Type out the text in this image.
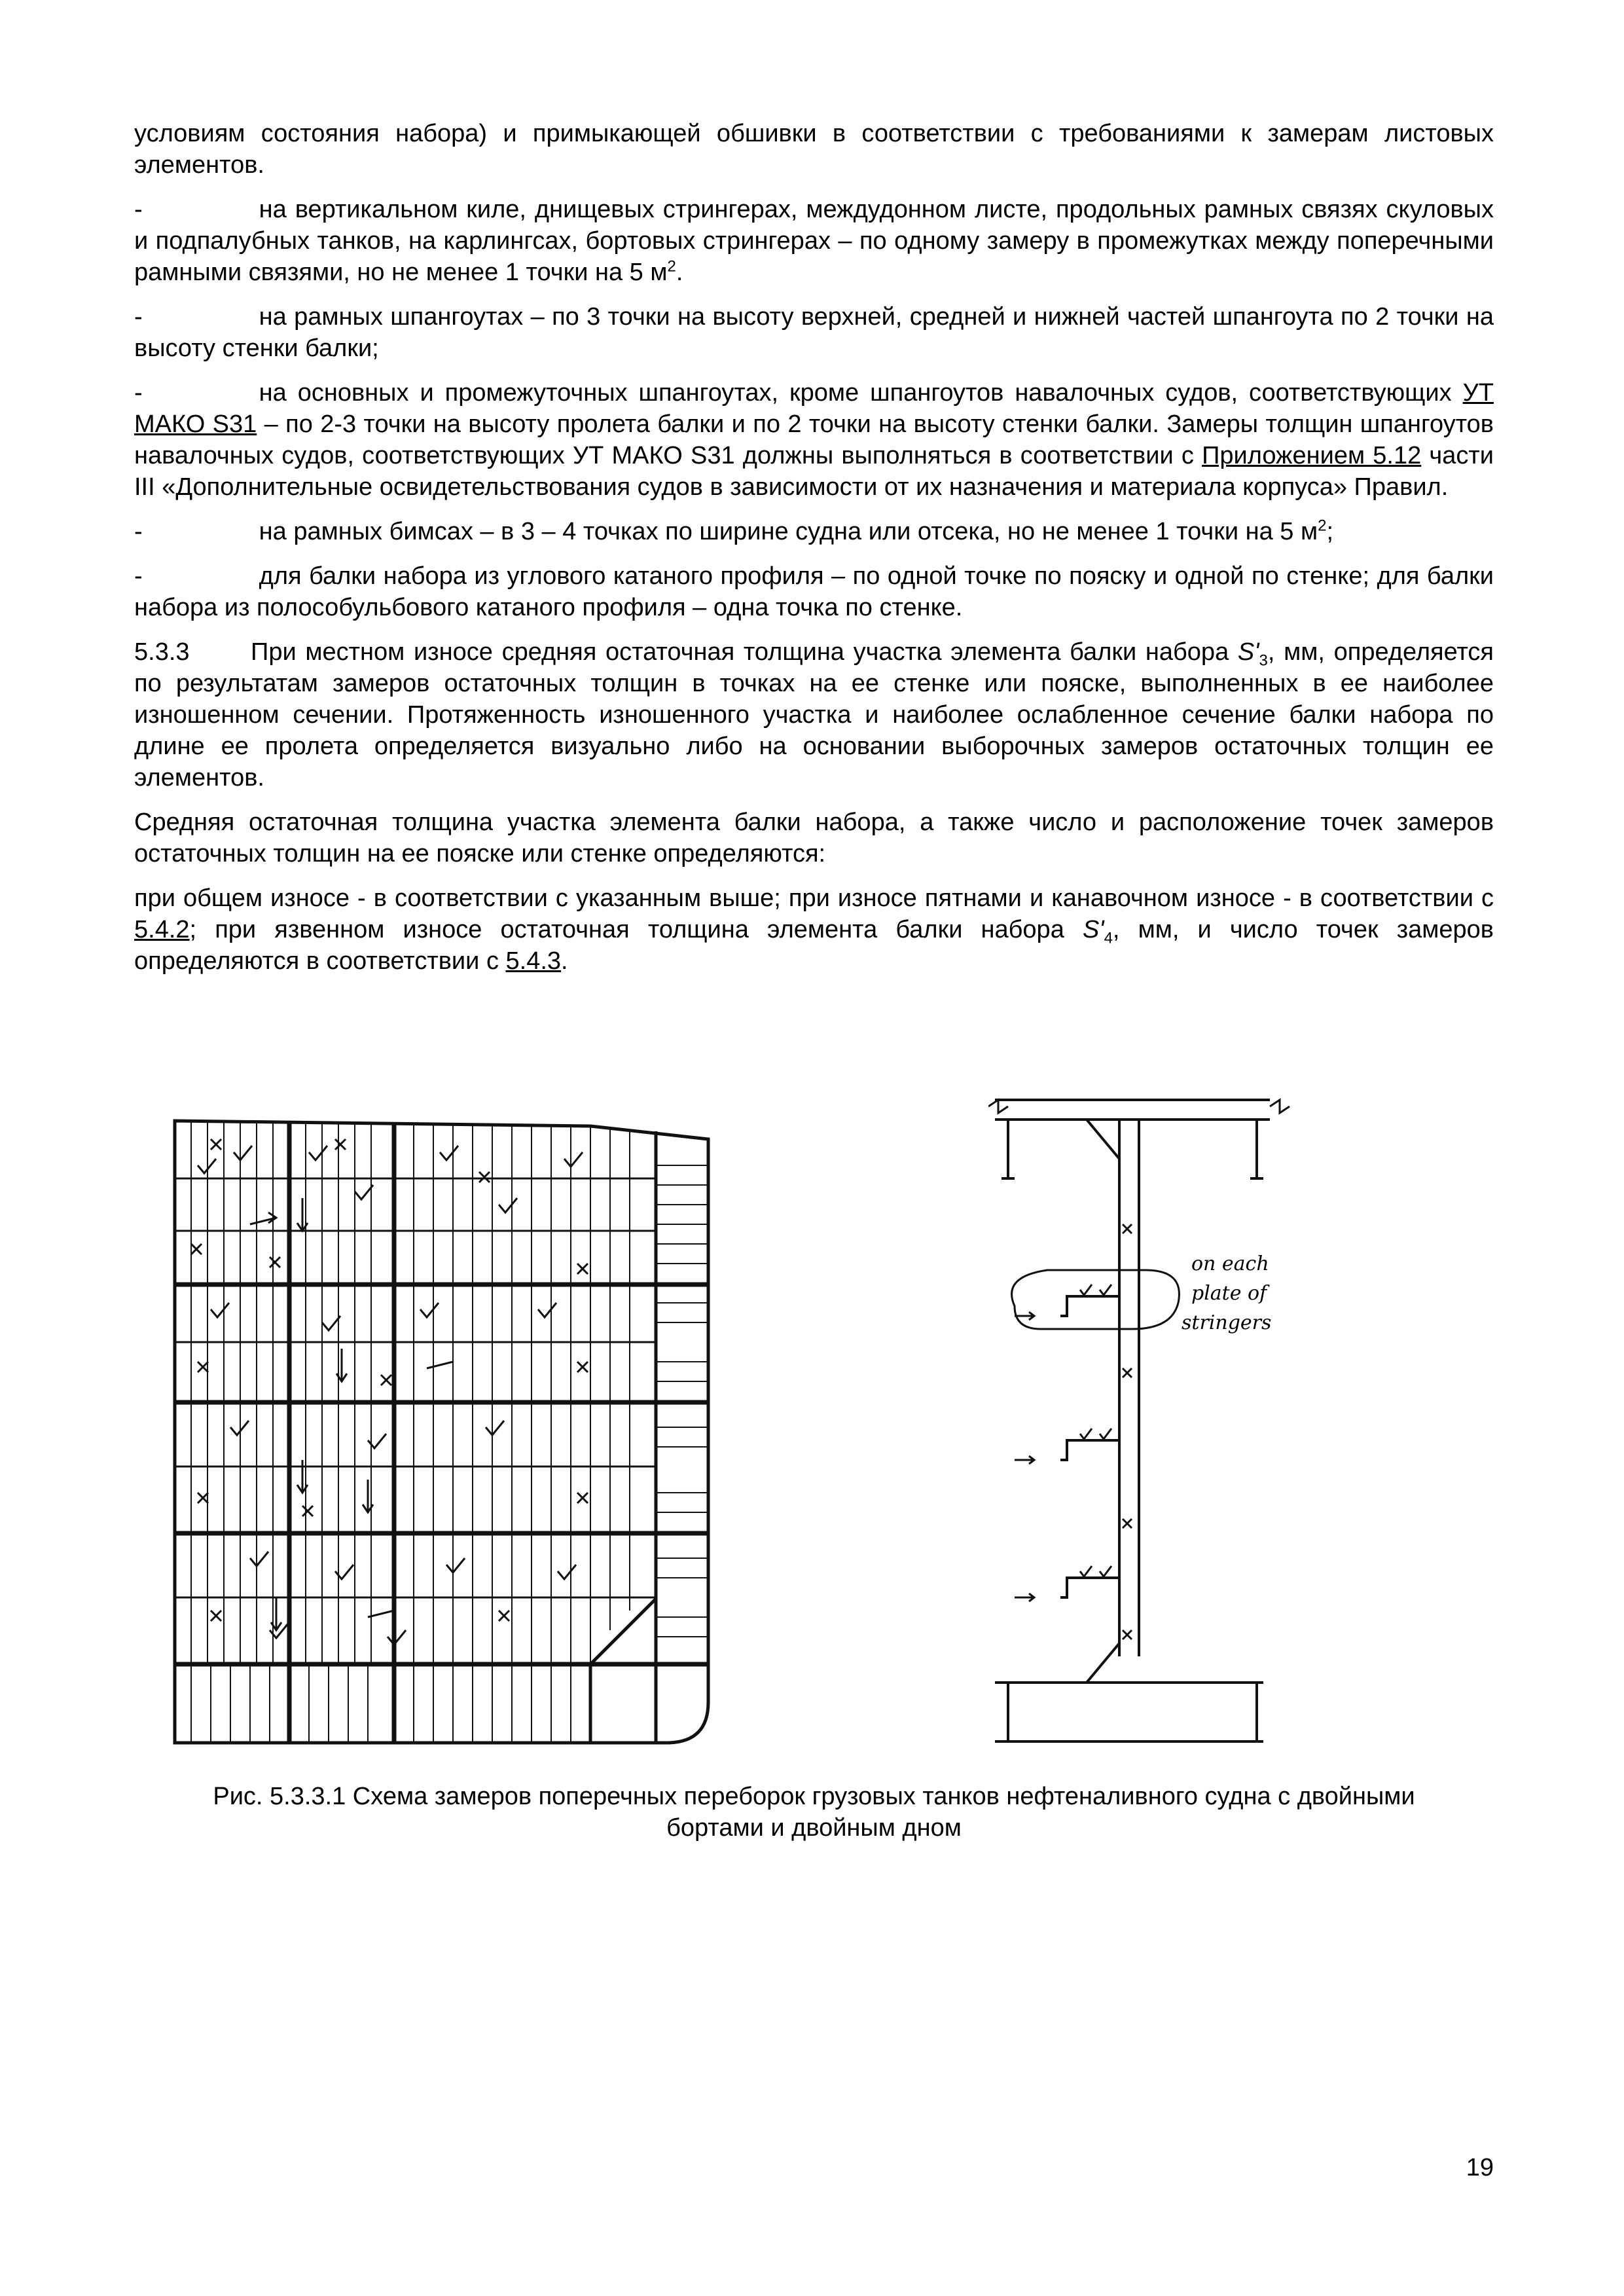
условиям состояния набора) и примыкающей обшивки в соответствии с требованиями к замерам листовых элементов.

-	на вертикальном киле, днищевых стрингерах, междудонном листе, продольных рамных связях скуловых и подпалубных танков, на карлингсах, бортовых стрингерах – по одному замеру в промежутках между поперечными рамными связями, но не менее 1 точки на 5 $м^2$.

-	на рамных шпангоутах – по 3 точки на высоту верхней, средней и нижней частей шпангоута по 2 точки на высоту стенки балки;

-	на основных и промежуточных шпангоутах, кроме шпангоутов навалочных судов, соответствующих УТ МАКО S31 – по 2-3 точки на высоту пролета балки и по 2 точки на высоту стенки балки. Замеры толщин шпангоутов навалочных судов, соответствующих УТ МАКО S31 должны выполняться в соответствии с Приложением 5.12 части III «Дополнительные освидетельствования судов в зависимости от их назначения и материала корпуса» Правил.

-	на рамных бимсах – в 3 – 4 точках по ширине судна или отсека, но не менее 1 точки на 5 $м^2$;

-	для балки набора из углового катаного профиля – по одной точке по пояску и одной по стенке; для балки набора из полособульбового катаного профиля – одна точка по стенке.

5.3.3 При местном износе средняя остаточная толщина участка элемента балки набора $S'_3$, мм, определяется по результатам замеров остаточных толщин в точках на ее стенке или пояске, выполненных в ее наиболее изношенном сечении. Протяженность изношенного участка и наиболее ослабленное сечение балки набора по длине ее пролета определяется визуально либо на основании выборочных замеров остаточных толщин ее элементов.

Средняя остаточная толщина участка элемента балки набора, а также число и расположение точек замеров остаточных толщин на ее пояске или стенке определяются:

при общем износе - в соответствии с указанным выше; при износе пятнами и канавочном износе - в соответствии с 5.4.2; при язвенном износе остаточная толщина элемента балки набора $S'_4$, мм, и число точек замеров определяются в соответствии с 5.4.3.

on each
plate of
stringers
Рис. 5.3.3.1 Схема замеров поперечных переборок грузовых танков нефтеналивного судна с двойными
бортами и двойным дном
19
